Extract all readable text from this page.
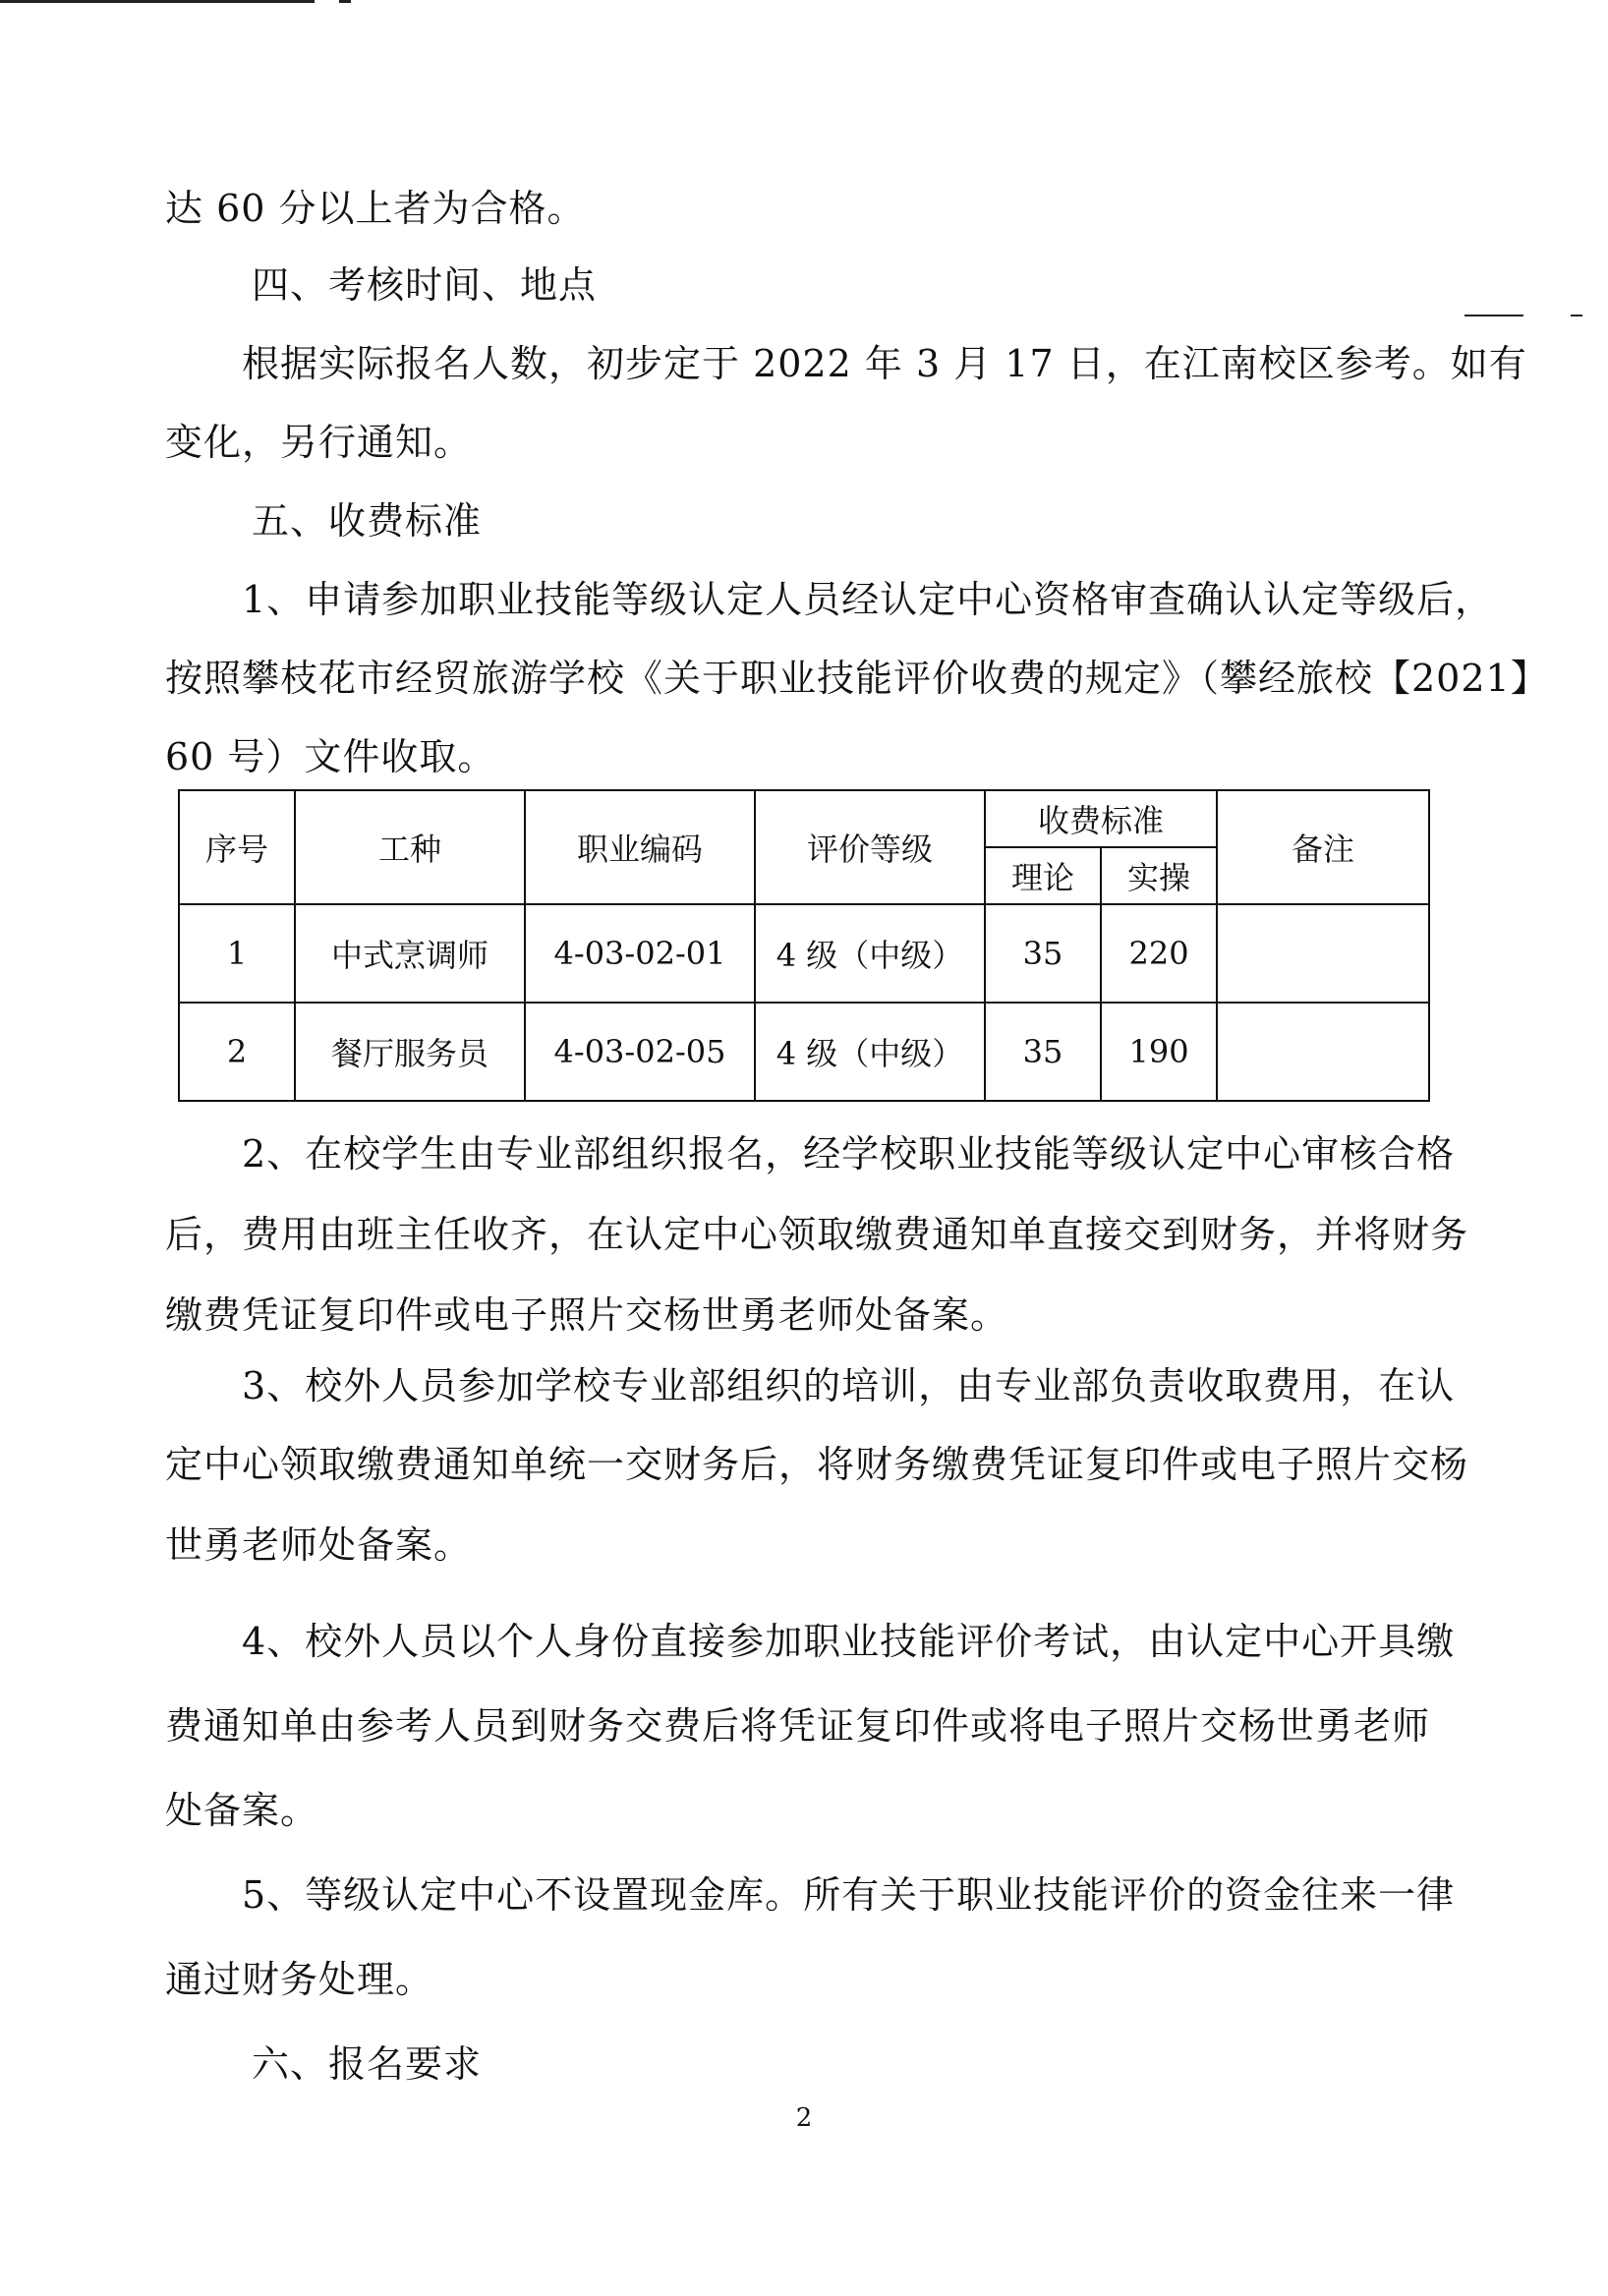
达 60 分以上者为合格。
四、考核时间、地点
根据实际报名人数，初步定于 2022 年 3 月 17 日，在江南校区参考。如有
变化，另行通知。
五、收费标准
1、申请参加职业技能等级认定人员经认定中心资格审查确认认定等级后，
按照攀枝花市经贸旅游学校《关于职业技能评价收费的规定》（攀经旅校【2021】
60 号）文件收取。
序号	工种	职业编码	评价等级	收费标准		备注
				理论	实操	
1	中式烹调师	4-03-02-01	4 级（中级）	35	220	
2	餐厅服务员	4-03-02-05	4 级（中级）	35	190	
2、在校学生由专业部组织报名，经学校职业技能等级认定中心审核合格
后，费用由班主任收齐，在认定中心领取缴费通知单直接交到财务，并将财务
缴费凭证复印件或电子照片交杨世勇老师处备案。
3、校外人员参加学校专业部组织的培训，由专业部负责收取费用，在认
定中心领取缴费通知单统一交财务后，将财务缴费凭证复印件或电子照片交杨
世勇老师处备案。
4、校外人员以个人身份直接参加职业技能评价考试，由认定中心开具缴
费通知单由参考人员到财务交费后将凭证复印件或将电子照片交杨世勇老师
处备案。
5、等级认定中心不设置现金库。所有关于职业技能评价的资金往来一律
通过财务处理。
六、报名要求
2
